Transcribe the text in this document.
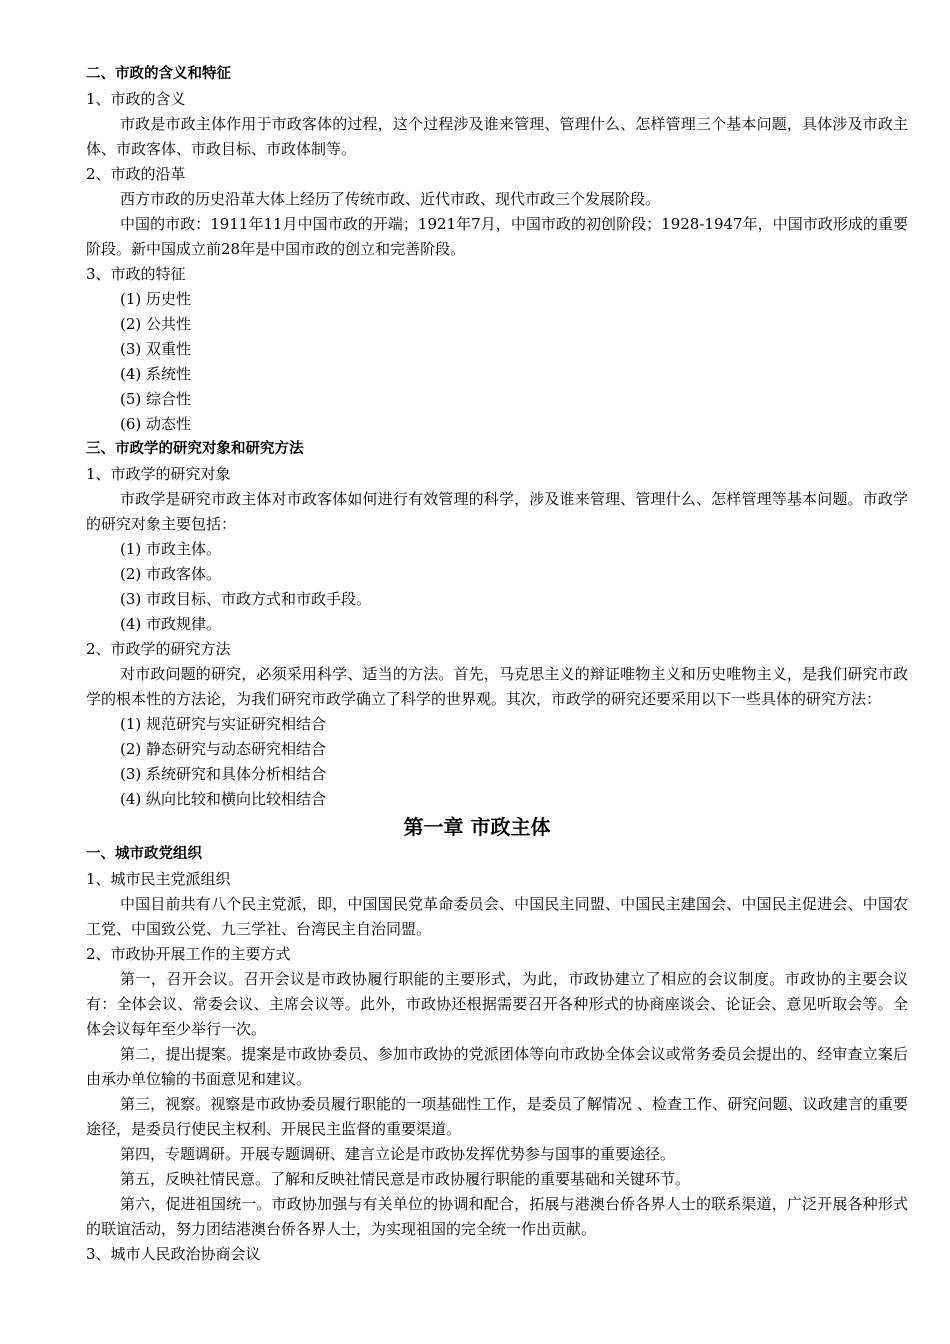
二、市政的含义和特征

1、市政的含义

市政是市政主体作用于市政客体的过程，这个过程涉及谁来管理、管理什么、怎样管理三个基本问题，具体涉及市政主体、市政客体、市政目标、市政体制等。

2、市政的沿革

西方市政的历史沿革大体上经历了传统市政、近代市政、现代市政三个发展阶段。

中国的市政：1911年11月中国市政的开端；1921年7月，中国市政的初创阶段；1928-1947年，中国市政形成的重要阶段。新中国成立前28年是中国市政的创立和完善阶段。

3、市政的特征

(1) 历史性

(2) 公共性

(3) 双重性

(4) 系统性

(5) 综合性

(6) 动态性

三、市政学的研究对象和研究方法

1、市政学的研究对象

市政学是研究市政主体对市政客体如何进行有效管理的科学，涉及谁来管理、管理什么、怎样管理等基本问题。市政学的研究对象主要包括：

(1) 市政主体。

(2) 市政客体。

(3) 市政目标、市政方式和市政手段。

(4) 市政规律。

2、市政学的研究方法

对市政问题的研究，必须采用科学、适当的方法。首先，马克思主义的辩证唯物主义和历史唯物主义，是我们研究市政学的根本性的方法论，为我们研究市政学确立了科学的世界观。其次，市政学的研究还要采用以下一些具体的研究方法：

(1) 规范研究与实证研究相结合

(2) 静态研究与动态研究相结合

(3) 系统研究和具体分析相结合

(4) 纵向比较和横向比较相结合

第一章 市政主体

一、城市政党组织

1、城市民主党派组织

中国目前共有八个民主党派，即，中国国民党革命委员会、中国民主同盟、中国民主建国会、中国民主促进会、中国农工党、中国致公党、九三学社、台湾民主自治同盟。

2、市政协开展工作的主要方式

第一，召开会议。召开会议是市政协履行职能的主要形式，为此，市政协建立了相应的会议制度。市政协的主要会议有：全体会议、常委会议、主席会议等。此外，市政协还根据需要召开各种形式的协商座谈会、论证会、意见听取会等。全体会议每年至少举行一次。

第二，提出提案。提案是市政协委员、参加市政协的党派团体等向市政协全体会议或常务委员会提出的、经审查立案后由承办单位输的书面意见和建议。

第三，视察。视察是市政协委员履行职能的一项基础性工作，是委员了解情况 、检查工作、研究问题、议政建言的重要途径，是委员行使民主权利、开展民主监督的重要渠道。

第四，专题调研。开展专题调研、建言立论是市政协发挥优势参与国事的重要途径。

第五，反映社情民意。了解和反映社情民意是市政协履行职能的重要基础和关键环节。

第六，促进祖国统一。市政协加强与有关单位的协调和配合，拓展与港澳台侨各界人士的联系渠道，广泛开展各种形式的联谊活动，努力团结港澳台侨各界人士，为实现祖国的完全统一作出贡献。

3、城市人民政治协商会议
